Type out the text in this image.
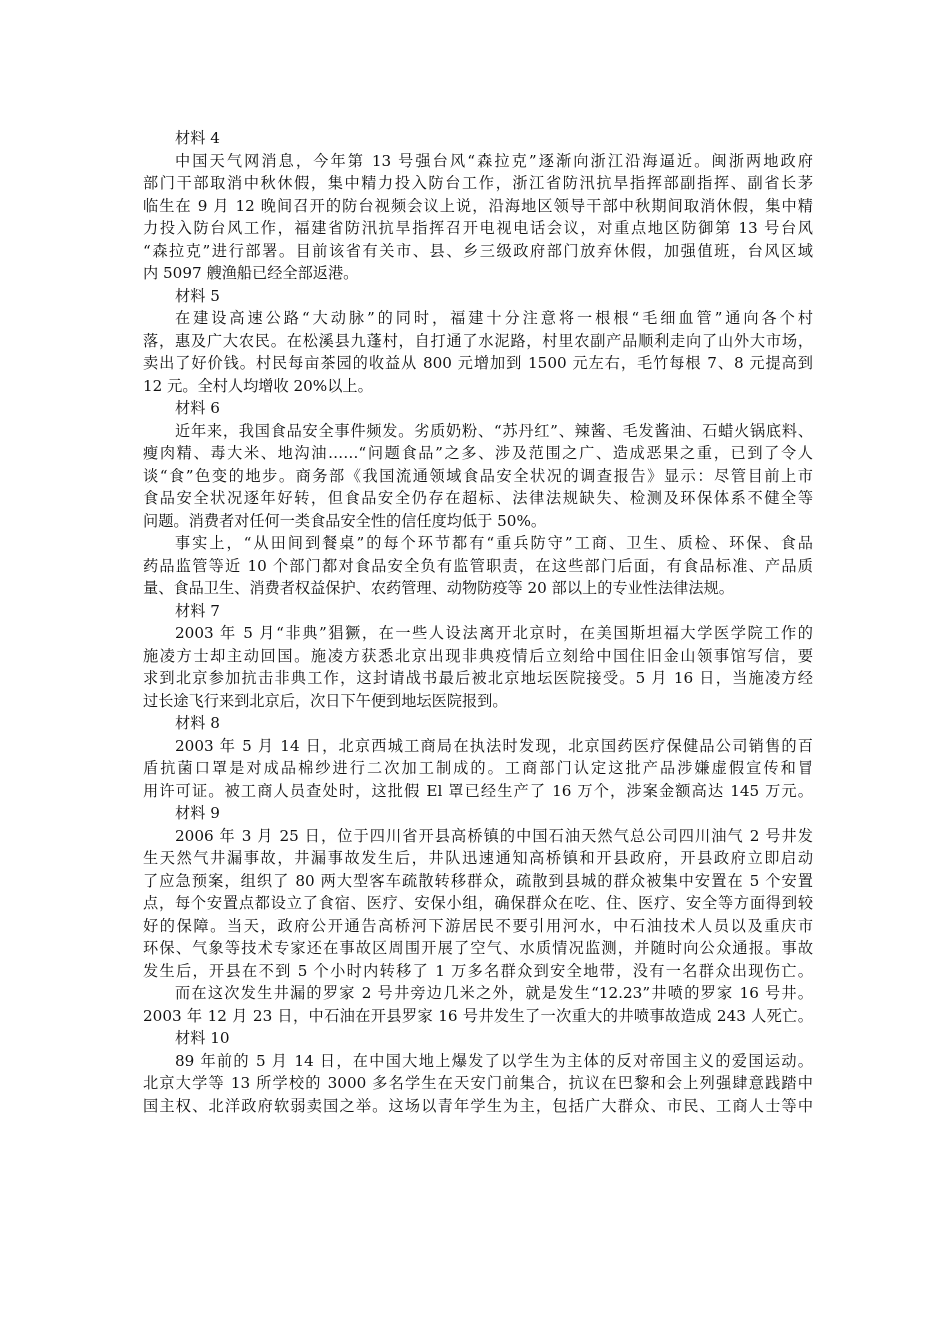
材料 4
中国天气网消息，今年第 13 号强台风“森拉克”逐渐向浙江沿海逼近。闽浙两地政府
部门干部取消中秋休假，集中精力投入防台工作，浙江省防汛抗旱指挥部副指挥、副省长茅
临生在 9 月 12 晚间召开的防台视频会议上说，沿海地区领导干部中秋期间取消休假，集中精
力投入防台风工作，福建省防汛抗旱指挥召开电视电话会议，对重点地区防御第 13 号台风
“森拉克”进行部署。目前该省有关市、县、乡三级政府部门放弃休假，加强值班，台风区域
内 5097 艘渔船已经全部返港。
材料 5
在建设高速公路“大动脉”的同时，福建十分注意将一根根“毛细血管”通向各个村
落，惠及广大农民。在松溪县九蓬村，自打通了水泥路，村里农副产品顺利走向了山外大市场，
卖出了好价钱。村民每亩茶园的收益从 800 元增加到 1500 元左右，毛竹每根 7、8 元提高到
12 元。全村人均增收 20%以上。
材料 6
近年来，我国食品安全事件频发。劣质奶粉、“苏丹红”、辣酱、毛发酱油、石蜡火锅底料、
瘦肉精、毒大米、地沟油……“问题食品”之多、涉及范围之广、造成恶果之重，已到了令人
谈“食”色变的地步。商务部《我国流通领域食品安全状况的调查报告》显示：尽管目前上市
食品安全状况逐年好转，但食品安全仍存在超标、法律法规缺失、检测及环保体系不健全等
问题。消费者对任何一类食品安全性的信任度均低于 50%。
事实上，“从田间到餐桌”的每个环节都有“重兵防守”工商、卫生、质检、环保、食品
药品监管等近 10 个部门都对食品安全负有监管职责，在这些部门后面，有食品标准、产品质
量、食品卫生、消费者权益保护、农药管理、动物防疫等 20 部以上的专业性法律法规。
材料 7
2003 年 5 月“非典”猖獗，在一些人设法离开北京时，在美国斯坦福大学医学院工作的
施凌方士却主动回国。施凌方获悉北京出现非典疫情后立刻给中国住旧金山领事馆写信，要
求到北京参加抗击非典工作，这封请战书最后被北京地坛医院接受。5 月 16 日，当施凌方经
过长途飞行来到北京后，次日下午便到地坛医院报到。
材料 8
2003 年 5 月 14 日，北京西城工商局在执法时发现，北京国药医疗保健品公司销售的百
盾抗菌口罩是对成品棉纱进行二次加工制成的。工商部门认定这批产品涉嫌虚假宣传和冒
用许可证。被工商人员查处时，这批假 El 罩已经生产了 16 万个，涉案金额高达 145 万元。
材料 9
2006 年 3 月 25 日，位于四川省开县高桥镇的中国石油天然气总公司四川油气 2 号井发
生天然气井漏事故，井漏事故发生后，井队迅速通知高桥镇和开县政府，开县政府立即启动
了应急预案，组织了 80 两大型客车疏散转移群众，疏散到县城的群众被集中安置在 5 个安置
点，每个安置点都设立了食宿、医疗、安保小组，确保群众在吃、住、医疗、安全等方面得到较
好的保障。当天，政府公开通告高桥河下游居民不要引用河水，中石油技术人员以及重庆市
环保、气象等技术专家还在事故区周围开展了空气、水质情况监测，并随时向公众通报。事故
发生后，开县在不到 5 个小时内转移了 1 万多名群众到安全地带，没有一名群众出现伤亡。
而在这次发生井漏的罗家 2 号井旁边几米之外，就是发生“12.23”井喷的罗家 16 号井。
2003 年 12 月 23 日，中石油在开县罗家 16 号井发生了一次重大的井喷事故造成 243 人死亡。
材料 10
89 年前的 5 月 14 日，在中国大地上爆发了以学生为主体的反对帝国主义的爱国运动。
北京大学等 13 所学校的 3000 多名学生在天安门前集合，抗议在巴黎和会上列强肆意践踏中
国主权、北洋政府软弱卖国之举。这场以青年学生为主，包括广大群众、市民、工商人士等中
